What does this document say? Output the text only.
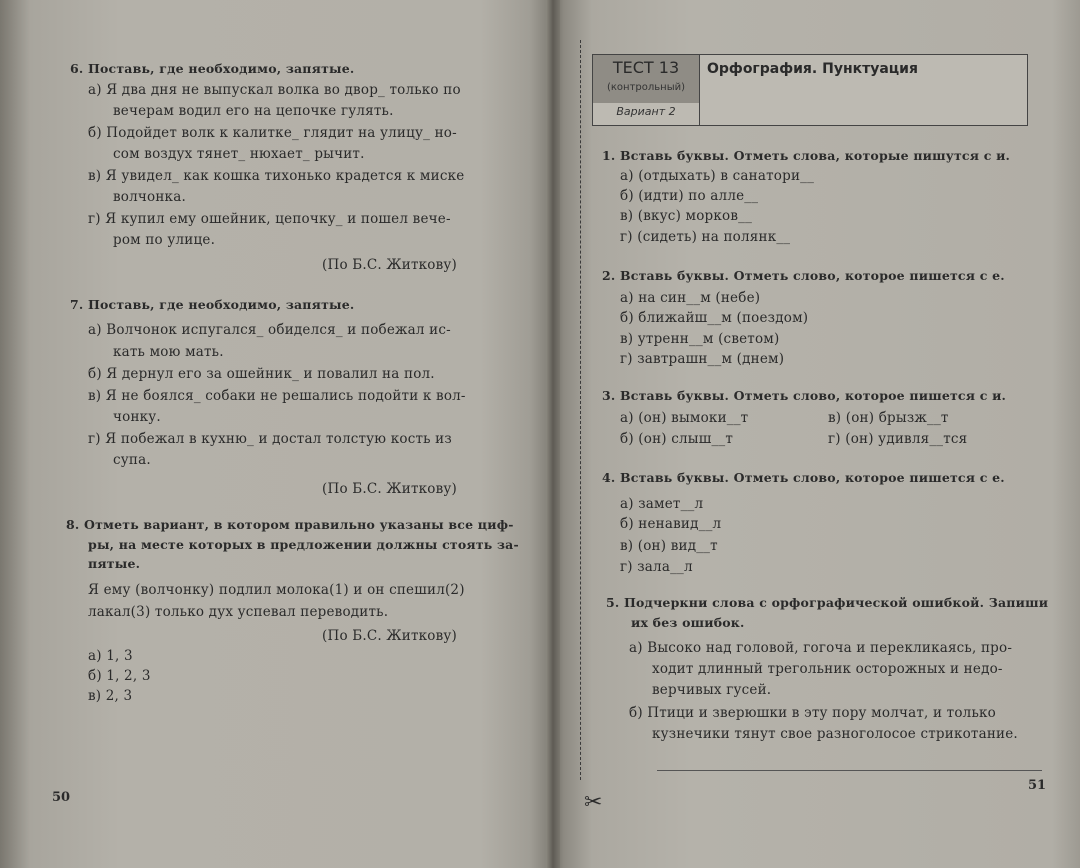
6. Поставь, где необходимо, запятые.
а) Я два дня не выпускал волка во двор_ только по
вечерам водил его на цепочке гулять.
б) Подойдет волк к калитке_ глядит на улицу_ но-
сом воздух тянет_ нюхает_ рычит.
в) Я увидел_ как кошка тихонько крадется к миске
волчонка.
г) Я купил ему ошейник, цепочку_ и пошел вече-
ром по улице.
(По Б.С. Житкову)
7. Поставь, где необходимо, запятые.
а) Волчонок испугался_ обиделся_ и побежал ис-
кать мою мать.
б) Я дернул его за ошейник_ и повалил на пол.
в) Я не боялся_ собаки не решались подойти к вол-
чонку.
г) Я побежал в кухню_ и достал толстую кость из
супа.
(По Б.С. Житкову)
8. Отметь вариант, в котором правильно указаны все циф-
ры, на месте которых в предложении должны стоять за-
пятые.
Я ему (волчонку) подлил молока(1) и он спешил(2)
лакал(3) только дух успевал переводить.
(По Б.С. Житкову)
а) 1, 3
б) 1, 2, 3
в) 2, 3
50	✂
ТЕСТ 13
(контрольный)
Вариант 2
Орфография. Пунктуация
1. Вставь буквы. Отметь слова, которые пишутся с и.
а) (отдыхать) в санатори__
б) (идти) по алле__
в) (вкус) морков__
г) (сидеть) на полянк__
2. Вставь буквы. Отметь слово, которое пишется с е.
а) на син__м (небе)
б) ближайш__м (поездом)
в) утренн__м (светом)
г) завтрашн__м (днем)
3. Вставь буквы. Отметь слово, которое пишется с и.
а) (он) вымоки__т
б) (он) слыш__т
в) (он) брызж__т
г) (он) удивля__тся
4. Вставь буквы. Отметь слово, которое пишется с е.
а) замет__л
б) ненавид__л
в) (он) вид__т
г) зала__л
5. Подчеркни слова с орфографической ошибкой. Запиши
их без ошибок.
а) Высоко над головой, гогоча и перекликаясь, про-
ходит длинный трегольник осторожных и недо-
верчивых гусей.
б) Птици и зверюшки в эту пору молчат, и только
кузнечики тянут свое разноголосое стрикотание.
51
